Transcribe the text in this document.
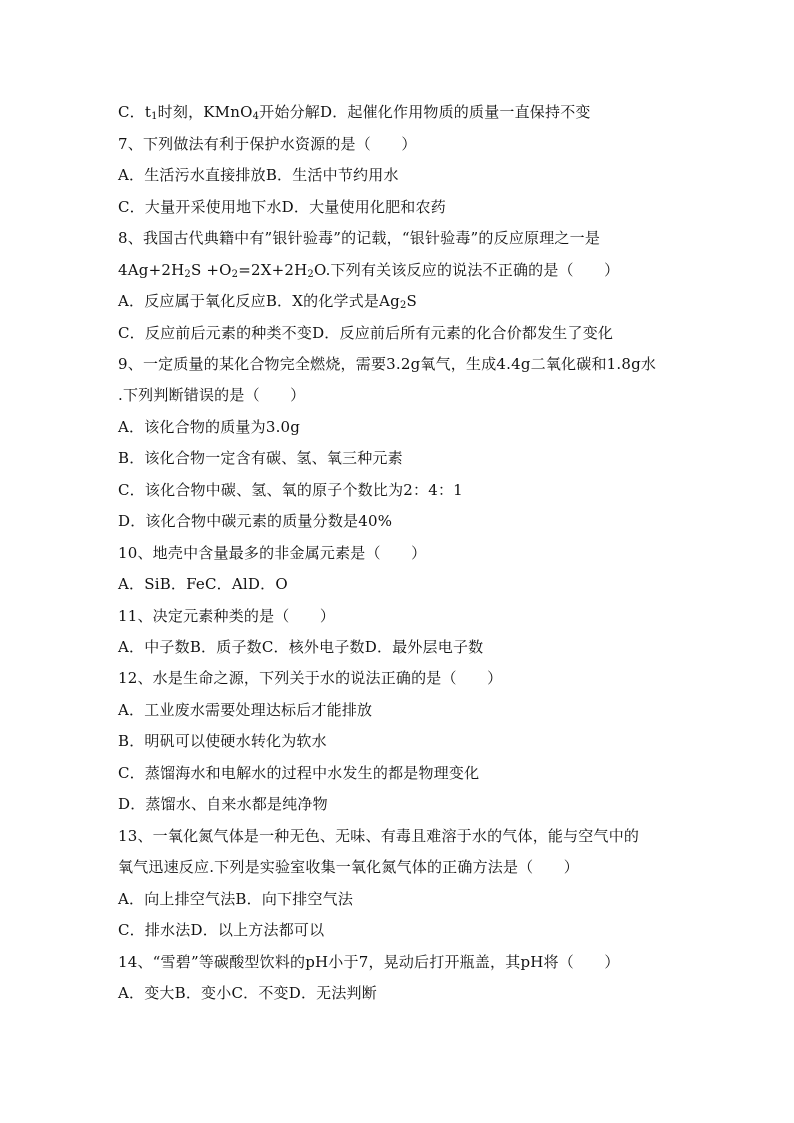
C．$t_1$时刻，KMnO$_4$开始分解D．起催化作用物质的质量一直保持不变
7、下列做法有利于保护水资源的是（　　）
A．生活污水直接排放B．生活中节约用水
C．大量开采使用地下水D．大量使用化肥和农药
8、我国古代典籍中有”银针验毒”的记载，“银针验毒”的反应原理之一是
$4Ag+2H_2S +O_2=2X+2H_2O$.下列有关该反应的说法不正确的是（　　）
A．反应属于氧化反应B．X的化学式是$Ag_2S$
C．反应前后元素的种类不变D．反应前后所有元素的化合价都发生了变化
9、一定质量的某化合物完全燃烧，需要3.2g氧气，生成4.4g二氧化碳和1.8g水
.下列判断错误的是（　　）
A．该化合物的质量为3.0g
B．该化合物一定含有碳、氢、氧三种元素
C．该化合物中碳、氢、氧的原子个数比为2：4：1
D．该化合物中碳元素的质量分数是40%
10、地壳中含量最多的非金属元素是（　　）
A．SiB．FeC．AlD．O
11、决定元素种类的是（　　）
A．中子数B．质子数C．核外电子数D．最外层电子数
12、水是生命之源，下列关于水的说法正确的是（　　）
A．工业废水需要处理达标后才能排放
B．明矾可以使硬水转化为软水
C．蒸馏海水和电解水的过程中水发生的都是物理变化
D．蒸馏水、自来水都是纯净物
13、一氧化氮气体是一种无色、无味、有毒且难溶于水的气体，能与空气中的
氧气迅速反应.下列是实验室收集一氧化氮气体的正确方法是（　　）
A．向上排空气法B．向下排空气法
C．排水法D．以上方法都可以
14、“雪碧”等碳酸型饮料的pH小于7，晃动后打开瓶盖，其pH将（　　）
A．变大B．变小C．不变D．无法判断
